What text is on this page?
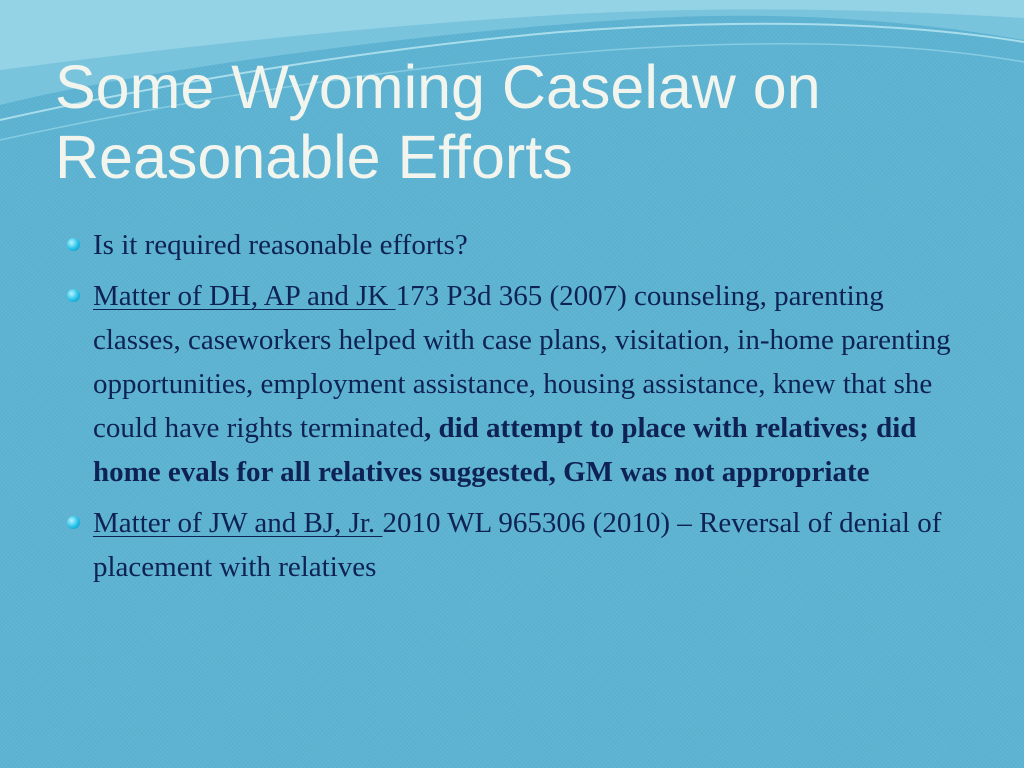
Some Wyoming Caselaw on
Reasonable Efforts
Is it required reasonable efforts?
Matter of DH, AP and JK 173 P3d 365 (2007) counseling, parenting classes, caseworkers helped with case plans, visitation, in-home parenting opportunities, employment assistance, housing assistance, knew that she could have rights terminated, did attempt to place with relatives; did home evals for all relatives suggested, GM was not appropriate
Matter of JW and BJ, Jr. 2010 WL 965306 (2010) – Reversal of denial of placement with relatives
